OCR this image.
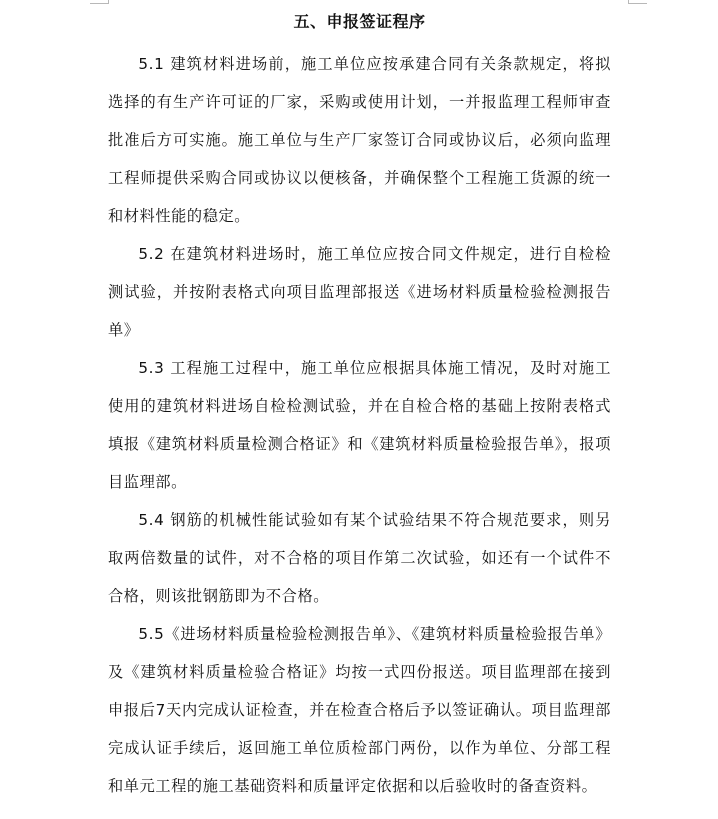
五、申报签证程序

5.1 建筑材料进场前，施工单位应按承建合同有关条款规定，将拟选择的有生产许可证的厂家，采购或使用计划，一并报监理工程师审查批准后方可实施。施工单位与生产厂家签订合同或协议后，必须向监理工程师提供采购合同或协议以便核备，并确保整个工程施工货源的统一和材料性能的稳定。

5.2 在建筑材料进场时，施工单位应按合同文件规定，进行自检检测试验，并按附表格式向项目监理部报送《进场材料质量检验检测报告单》

5.3 工程施工过程中，施工单位应根据具体施工情况，及时对施工使用的建筑材料进场自检检测试验，并在自检合格的基础上按附表格式填报《建筑材料质量检测合格证》和《建筑材料质量检验报告单》，报项目监理部。

5.4 钢筋的机械性能试验如有某个试验结果不符合规范要求，则另取两倍数量的试件，对不合格的项目作第二次试验，如还有一个试件不合格，则该批钢筋即为不合格。

5.5《进场材料质量检验检测报告单》、《建筑材料质量检验报告单》及《建筑材料质量检验合格证》均按一式四份报送。项目监理部在接到申报后7天内完成认证检查，并在检查合格后予以签证确认。项目监理部完成认证手续后，返回施工单位质检部门两份，以作为单位、分部工程和单元工程的施工基础资料和质量评定依据和以后验收时的备查资料。
